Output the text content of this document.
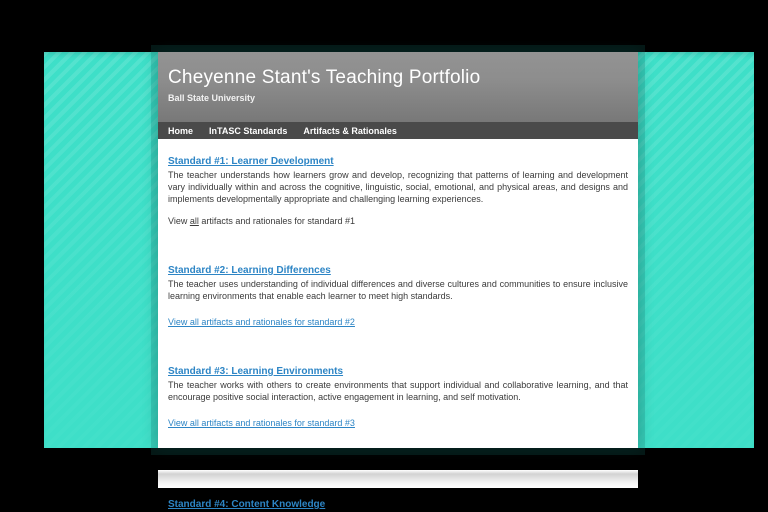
Cheyenne Stant's Teaching Portfolio
Ball State University
Home InTASC Standards Artifacts & Rationales
Standard #1: Learner Development
The teacher understands how learners grow and develop, recognizing that patterns of learning and development vary individually within and across the cognitive, linguistic, social, emotional, and physical areas, and designs and implements developmentally appropriate and challenging learning experiences.
View all artifacts and rationales for standard #1
Standard #2: Learning Differences
The teacher uses understanding of individual differences and diverse cultures and communities to ensure inclusive learning environments that enable each learner to meet high standards.
View all artifacts and rationales for standard #2
Standard #3: Learning Environments
The teacher works with others to create environments that support individual and collaborative learning, and that encourage positive social interaction, active engagement in learning, and self motivation.
View all artifacts and rationales for standard #3
Standard #4: Content Knowledge
